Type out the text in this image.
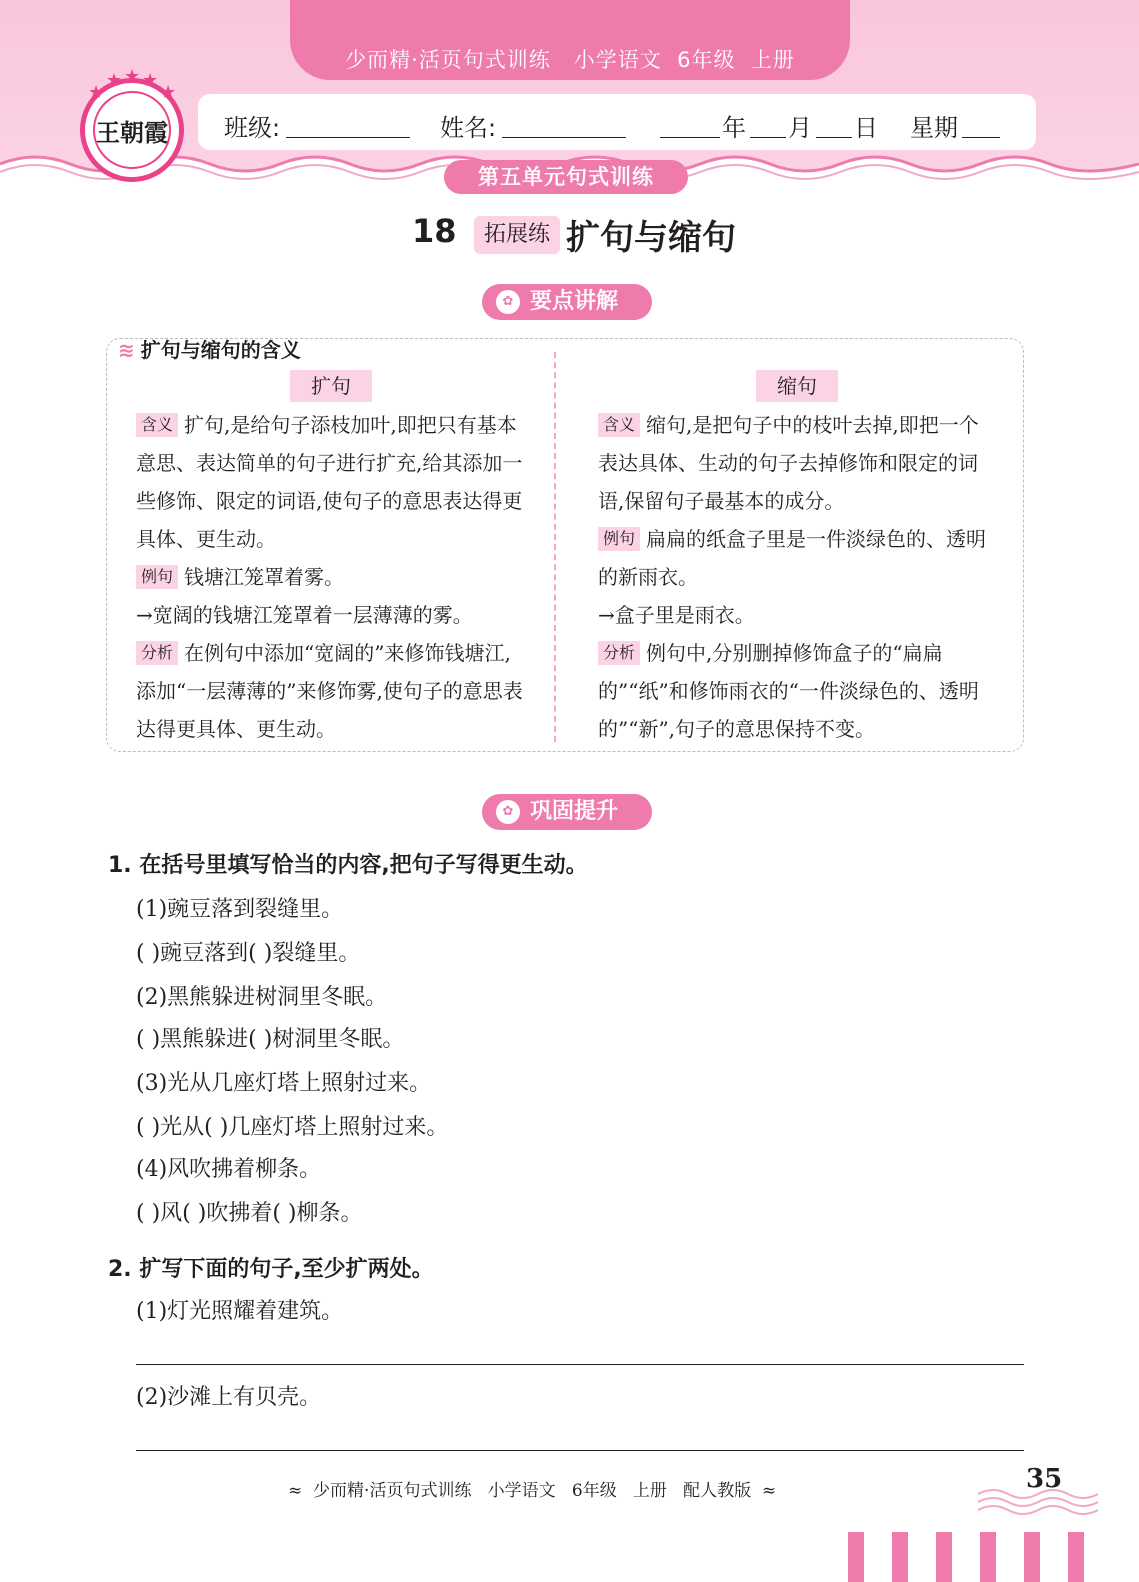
少而精·活页句式训练   小学语文  6年级  上册
班级:	姓名:	年 月 日 星期
王朝霞
★
★ ★ ★
★
第五单元句式训练
18	拓展练 扩句与缩句
✿ 要点讲解
≋ 扩句与缩句的含义
扩句	缩句
含义 扩句,是给句子添枝加叶,即把只有基本意思、表达简单的句子进行扩充,给其添加一些修饰、限定的词语,使句子的意思表达得更具体、更生动。
例句 钱塘江笼罩着雾。
→宽阔的钱塘江笼罩着一层薄薄的雾。
分析 在例句中添加“宽阔的”来修饰钱塘江,添加“一层薄薄的”来修饰雾,使句子的意思表达得更具体、更生动。
含义 缩句,是把句子中的枝叶去掉,即把一个表达具体、生动的句子去掉修饰和限定的词语,保留句子最基本的成分。
例句 扁扁的纸盒子里是一件淡绿色的、透明的新雨衣。
→盒子里是雨衣。
分析 例句中,分别删掉修饰盒子的“扁扁的”“纸”和修饰雨衣的“一件淡绿色的、透明的”“新”,句子的意思保持不变。
✿ 巩固提升
1. 在括号里填写恰当的内容,把句子写得更生动。
(1)豌豆落到裂缝里。
( )豌豆落到( )裂缝里。
(2)黑熊躲进树洞里冬眠。
( )黑熊躲进( )树洞里冬眠。
(3)光从几座灯塔上照射过来。
( )光从( )几座灯塔上照射过来。
(4)风吹拂着柳条。
( )风( )吹拂着( )柳条。
2. 扩写下面的句子,至少扩两处。
(1)灯光照耀着建筑。
(2)沙滩上有贝壳。
≈  少而精·活页句式训练   小学语文   6年级   上册   配人教版  ≈	35
